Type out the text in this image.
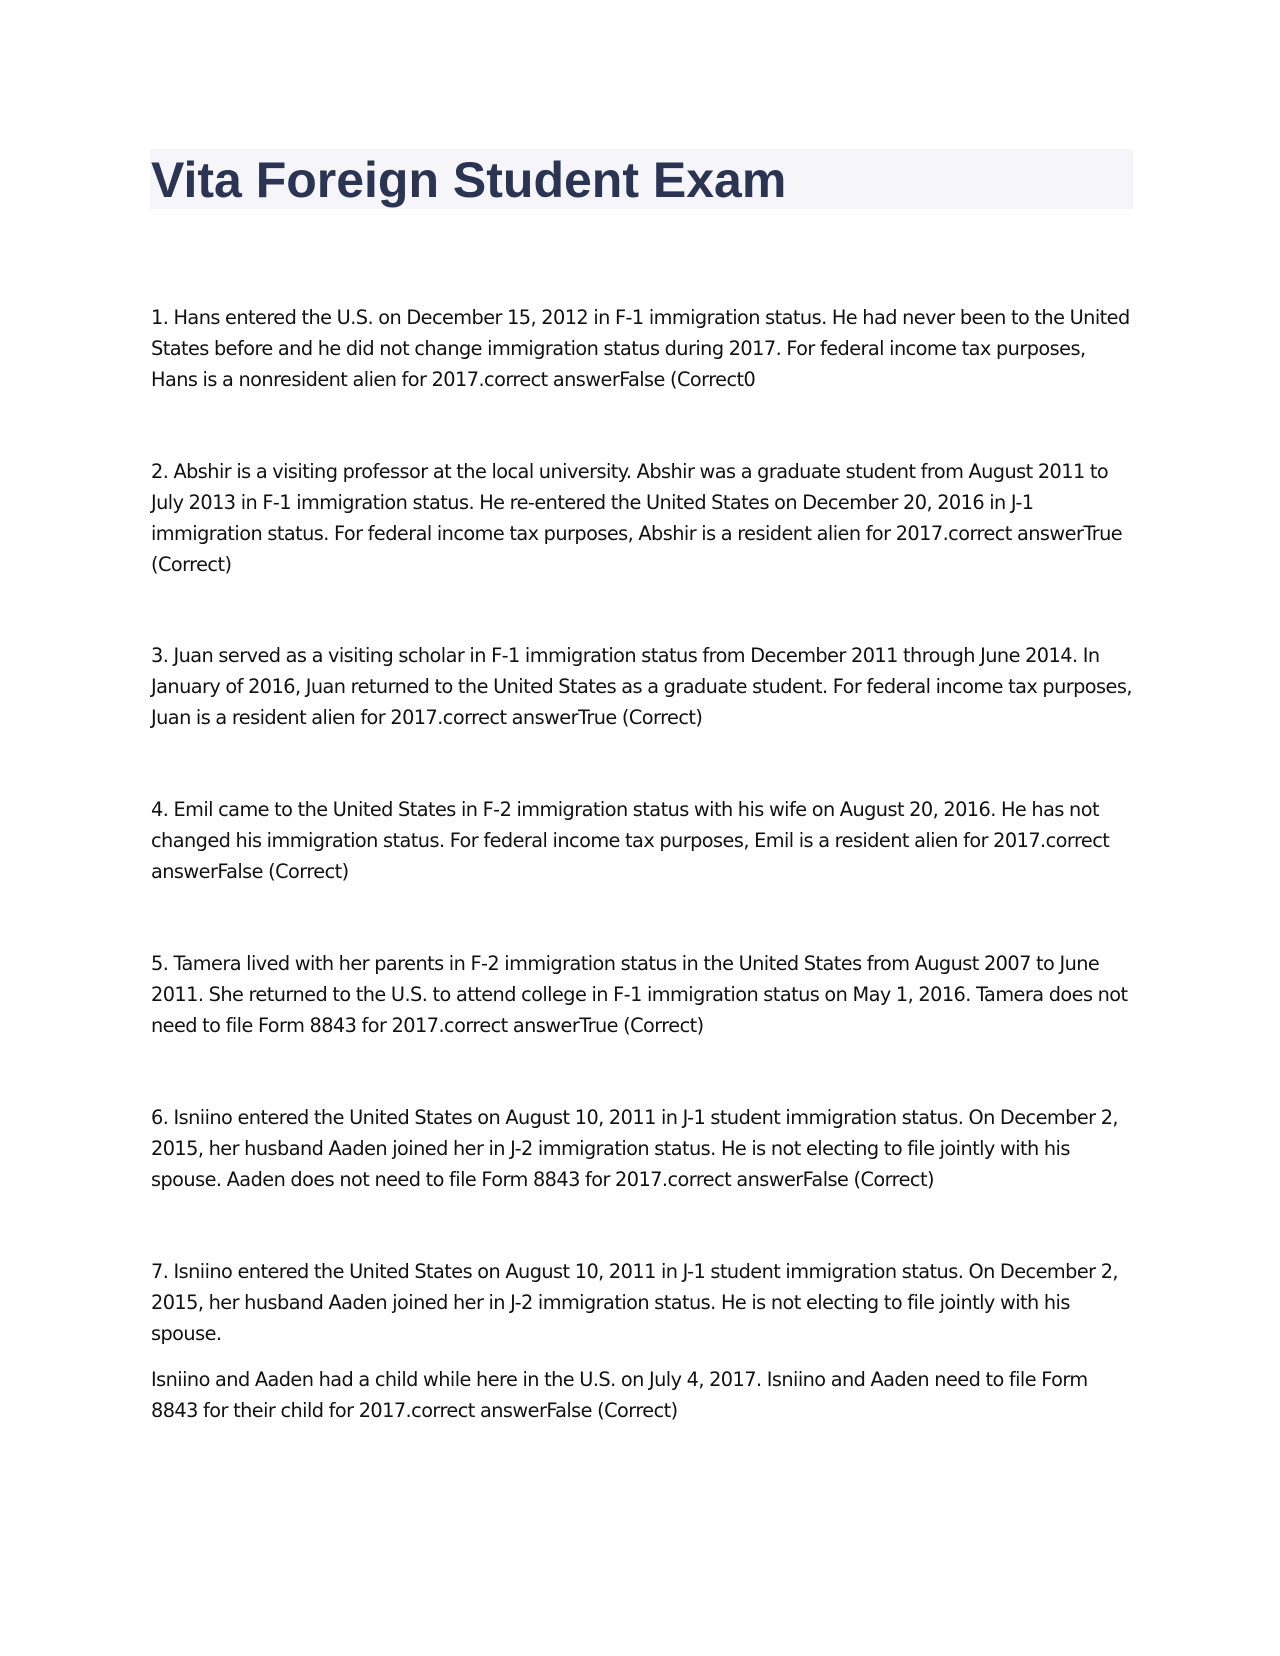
Vita Foreign Student Exam

1. Hans entered the U.S. on December 15, 2012 in F-1 immigration status. He had never been to the United States before and he did not change immigration status during 2017. For federal income tax purposes, Hans is a nonresident alien for 2017.correct answerFalse (Correct0

2. Abshir is a visiting professor at the local university. Abshir was a graduate student from August 2011 to July 2013 in F-1 immigration status. He re-entered the United States on December 20, 2016 in J-1 immigration status. For federal income tax purposes, Abshir is a resident alien for 2017.correct answerTrue (Correct)

3. Juan served as a visiting scholar in F-1 immigration status from December 2011 through June 2014. In January of 2016, Juan returned to the United States as a graduate student. For federal income tax purposes, Juan is a resident alien for 2017.correct answerTrue (Correct)

4. Emil came to the United States in F-2 immigration status with his wife on August 20, 2016. He has not changed his immigration status. For federal income tax purposes, Emil is a resident alien for 2017.correct answerFalse (Correct)

5. Tamera lived with her parents in F-2 immigration status in the United States from August 2007 to June 2011. She returned to the U.S. to attend college in F-1 immigration status on May 1, 2016. Tamera does not need to file Form 8843 for 2017.correct answerTrue (Correct)

6. Isniino entered the United States on August 10, 2011 in J-1 student immigration status. On December 2, 2015, her husband Aaden joined her in J-2 immigration status. He is not electing to file jointly with his spouse. Aaden does not need to file Form 8843 for 2017.correct answerFalse (Correct)

7. Isniino entered the United States on August 10, 2011 in J-1 student immigration status. On December 2, 2015, her husband Aaden joined her in J-2 immigration status. He is not electing to file jointly with his spouse.

Isniino and Aaden had a child while here in the U.S. on July 4, 2017. Isniino and Aaden need to file Form 8843 for their child for 2017.correct answerFalse (Correct)
